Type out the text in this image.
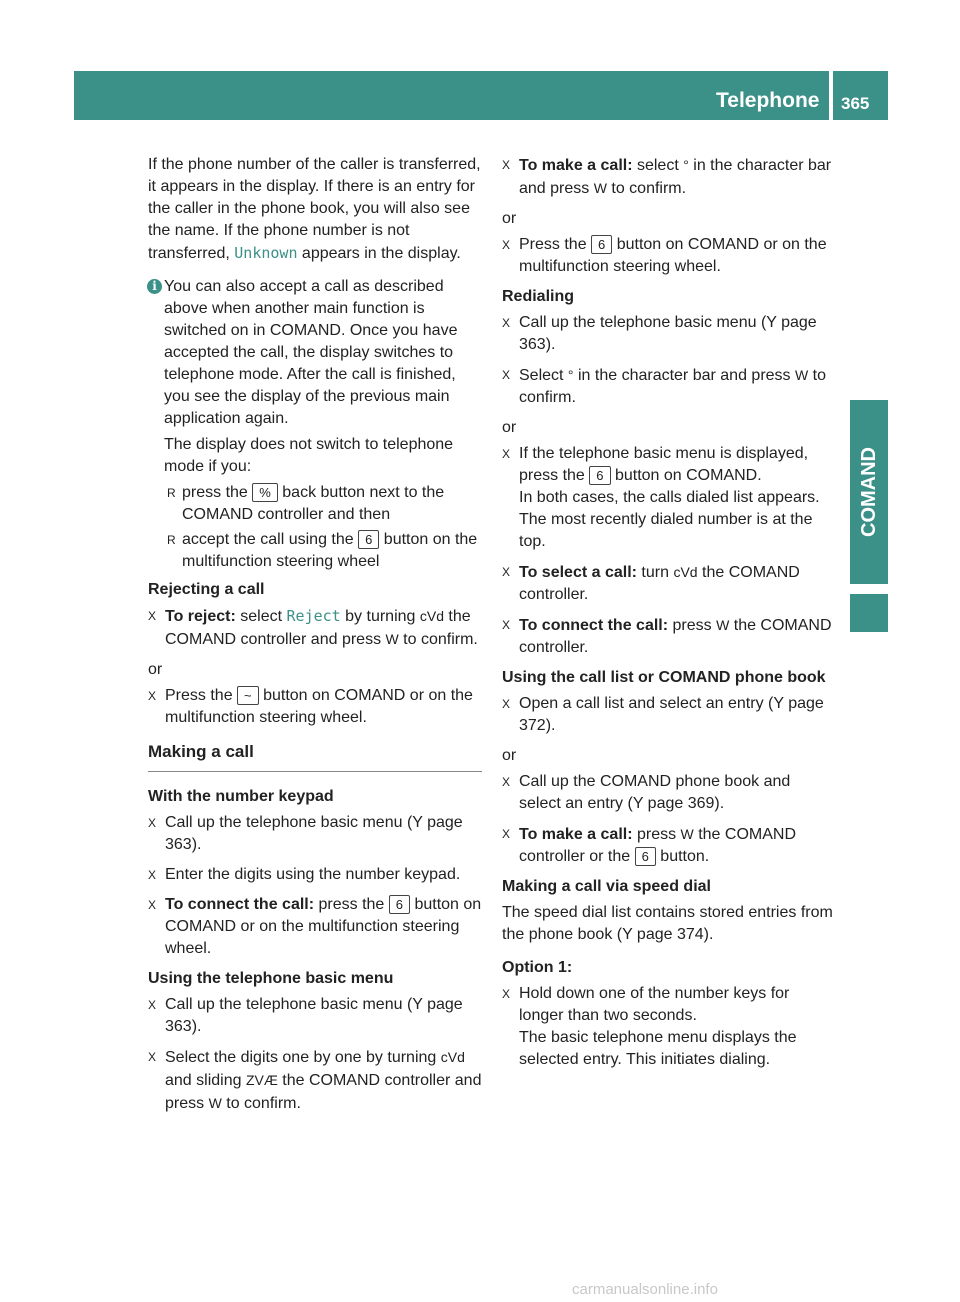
Telephone 365
COMAND

If the phone number of the caller is transferred, it appears in the display. If there is an entry for the caller in the phone book, you will also see the name. If the phone number is not transferred, Unknown appears in the display.

i You can also accept a call as described above when another main function is switched on in COMAND. Once you have accepted the call, the display switches to telephone mode. After the call is finished, you see the display of the previous main application again.

The display does not switch to telephone mode if you:

R press the % back button next to the COMAND controller and then
R accept the call using the 6 button on the multifunction steering wheel

Rejecting a call

X To reject: select Reject by turning cVd the COMAND controller and press W to confirm.

or

X Press the ~ button on COMAND or on the multifunction steering wheel.

Making a call

With the number keypad

X Call up the telephone basic menu (Y page 363).
X Enter the digits using the number keypad.
X To connect the call: press the 6 button on COMAND or on the multifunction steering wheel.

Using the telephone basic menu

X Call up the telephone basic menu (Y page 363).
X Select the digits one by one by turning cVd and sliding ZVÆ the COMAND controller and press W to confirm.
X To make a call: select ° in the character bar and press W to confirm.

or

X Press the 6 button on COMAND or on the multifunction steering wheel.

Redialing

X Call up the telephone basic menu (Y page 363).
X Select ° in the character bar and press W to confirm.

or

X If the telephone basic menu is displayed, press the 6 button on COMAND.
In both cases, the calls dialed list appears. The most recently dialed number is at the top.
X To select a call: turn cVd the COMAND controller.
X To connect the call: press W the COMAND controller.

Using the call list or COMAND phone book

X Open a call list and select an entry (Y page 372).

or

X Call up the COMAND phone book and select an entry (Y page 369).
X To make a call: press W the COMAND controller or the 6 button.

Making a call via speed dial

The speed dial list contains stored entries from the phone book (Y page 374).

Option 1:

X Hold down one of the number keys for longer than two seconds.
The basic telephone menu displays the selected entry. This initiates dialing.
carmanualsonline.info
